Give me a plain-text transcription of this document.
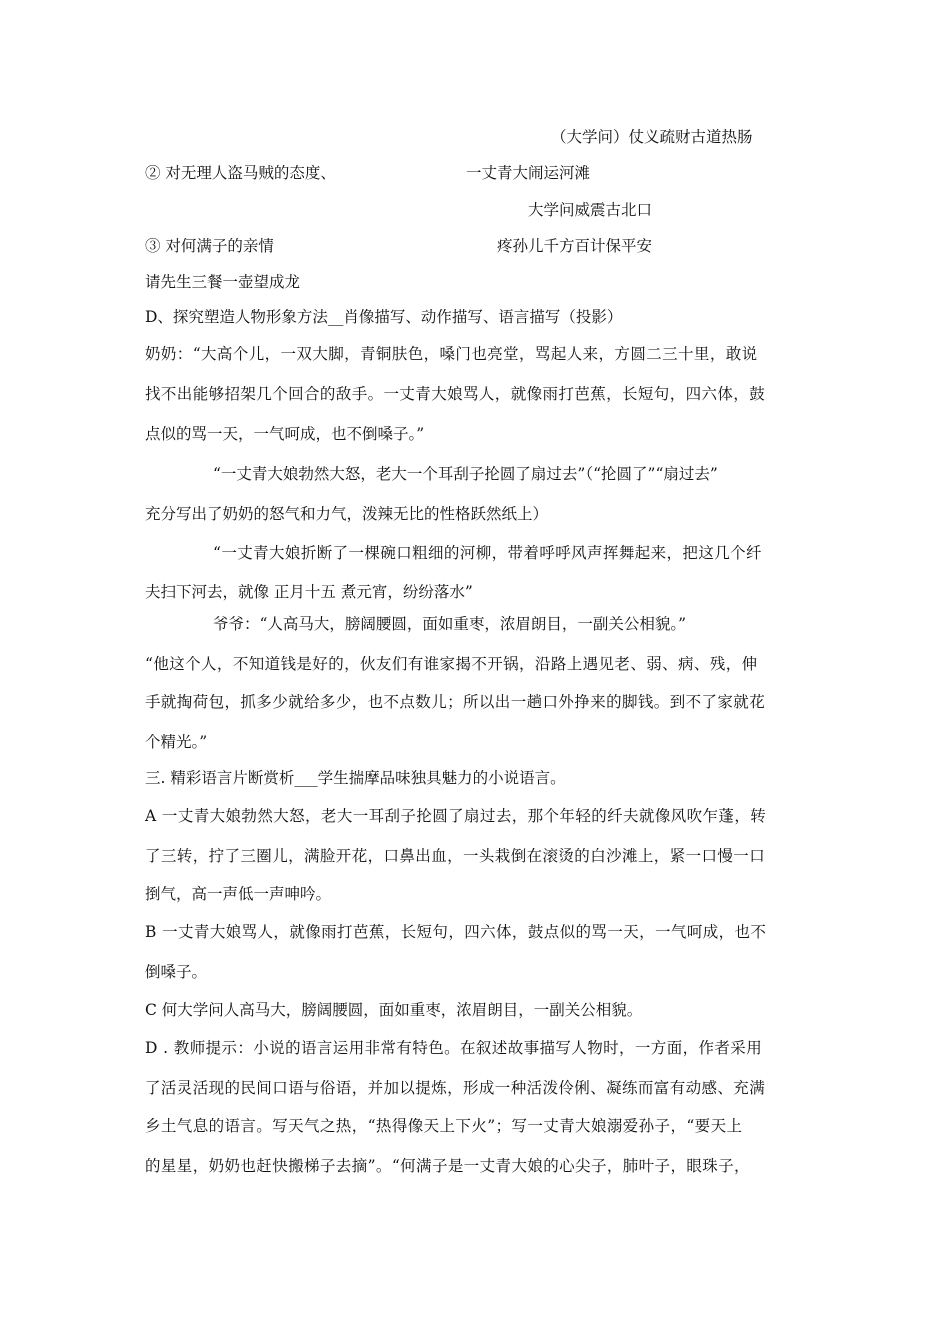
（大学问）仗义疏财古道热肠
② 对无理人盗马贼的态度、	一丈青大闹运河滩
大学问威震古北口
③ 对何满子的亲情	疼孙儿千方百计保平安
请先生三餐一壶望成龙
D、探究塑造人物形象方法__肖像描写、动作描写、语言描写（投影）
奶奶：“大高个儿，一双大脚，青铜肤色，嗓门也亮堂，骂起人来，方圆二三十里，敢说
找不出能够招架几个回合的敌手。一丈青大娘骂人，就像雨打芭蕉，长短句，四六体，鼓
点似的骂一天，一气呵成，也不倒嗓子。”
“一丈青大娘勃然大怒，老大一个耳刮子抡圆了扇过去”（“抡圆了”“扇过去”
充分写出了奶奶的怒气和力气，泼辣无比的性格跃然纸上）
“一丈青大娘折断了一棵碗口粗细的河柳，带着呼呼风声挥舞起来，把这几个纤
夫扫下河去，就像 正月十五 煮元宵，纷纷落水”
爷爷：“人高马大，膀阔腰圆，面如重枣，浓眉朗目，一副关公相貌。”
“他这个人，不知道钱是好的，伙友们有谁家揭不开锅，沿路上遇见老、弱、病、残，伸
手就掏荷包，抓多少就给多少，也不点数儿；所以出一趟口外挣来的脚钱。到不了家就花
个精光。”
三. 精彩语言片断赏析___学生揣摩品味独具魅力的小说语言。
A 一丈青大娘勃然大怒，老大一耳刮子抡圆了扇过去，那个年轻的纤夫就像风吹乍蓬，转
了三转，拧了三圈儿，满脸开花，口鼻出血，一头栽倒在滚烫的白沙滩上，紧一口慢一口
捯气，高一声低一声呻吟。
B 一丈青大娘骂人，就像雨打芭蕉，长短句，四六体，鼓点似的骂一天，一气呵成，也不
倒嗓子。
C 何大学问人高马大，膀阔腰圆，面如重枣，浓眉朗目，一副关公相貌。
D . 教师提示：小说的语言运用非常有特色。在叙述故事描写人物时，一方面，作者采用
了活灵活现的民间口语与俗语，并加以提炼，形成一种活泼伶俐、凝练而富有动感、充满
乡土气息的语言。写天气之热，“热得像天上下火”；写一丈青大娘溺爱孙子，“要天上
的星星，奶奶也赶快搬梯子去摘”。“何满子是一丈青大娘的心尖子，肺叶子，眼珠子，
